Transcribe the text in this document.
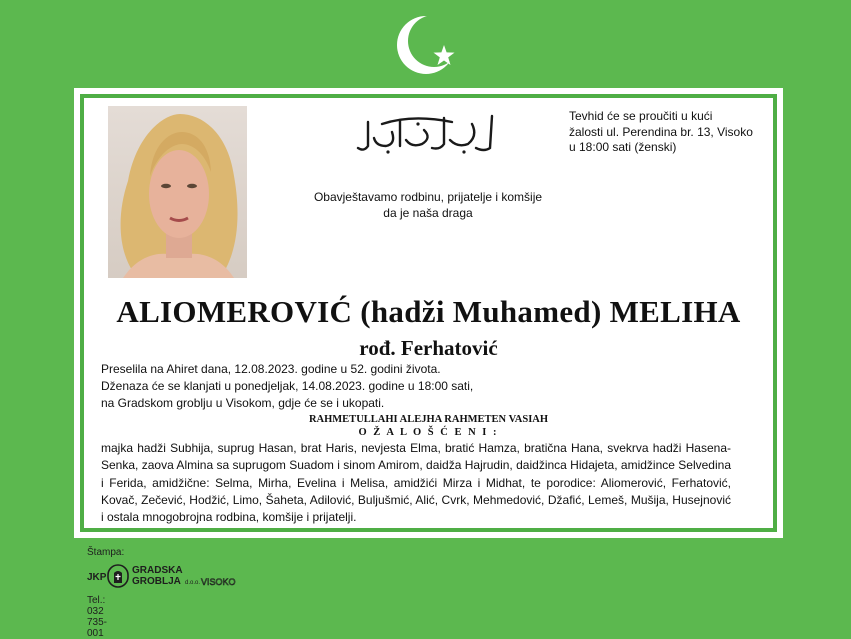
Tevhid će se proučiti u kući
žalosti ul. Perendina br. 13, Visoko
u 18:00 sati (ženski)
Obavještavamo rodbinu, prijatelje i komšije
da je naša draga
ALIOMEROVIĆ (hadži Muhamed) MELIHA
rođ. Ferhatović
Preselila na Ahiret dana, 12.08.2023. godine u 52. godini života.
Dženaza će se klanjati u ponedjeljak, 14.08.2023. godine u 18:00 sati,
na Gradskom groblju u Visokom, gdje će se i ukopati.
RAHMETULLAHI ALEJHA RAHMETEN VASIAH
O Ž A L O Š Ć E N I :
majka hadži Subhija, suprug Hasan, brat Haris, nevjesta Elma, bratić Hamza, bratična Hana, svekrva hadži Hasena-Senka, zaova Almina sa suprugom Suadom i sinom Amirom, daidža Hajrudin, daidžinca Hidajeta, amidžince Selvedina i Ferida, amidžične: Selma, Mirha, Evelina i Melisa, amidžići Mirza i Midhat, te porodice: Aliomerović, Ferhatović, Kovač, Zečević, Hodžić, Limo, Šaheta, Adilović, Buljušmić, Alić, Cvrk, Mehmedović, Džafić, Lemeš, Mušija, Husejnović i ostala mnogobrojna rodbina, komšije i prijatelji.
Štampa:
JKP
GRADSKA
GROBLJA d.o.o. VISOKO
Tel.: 032 735-001
